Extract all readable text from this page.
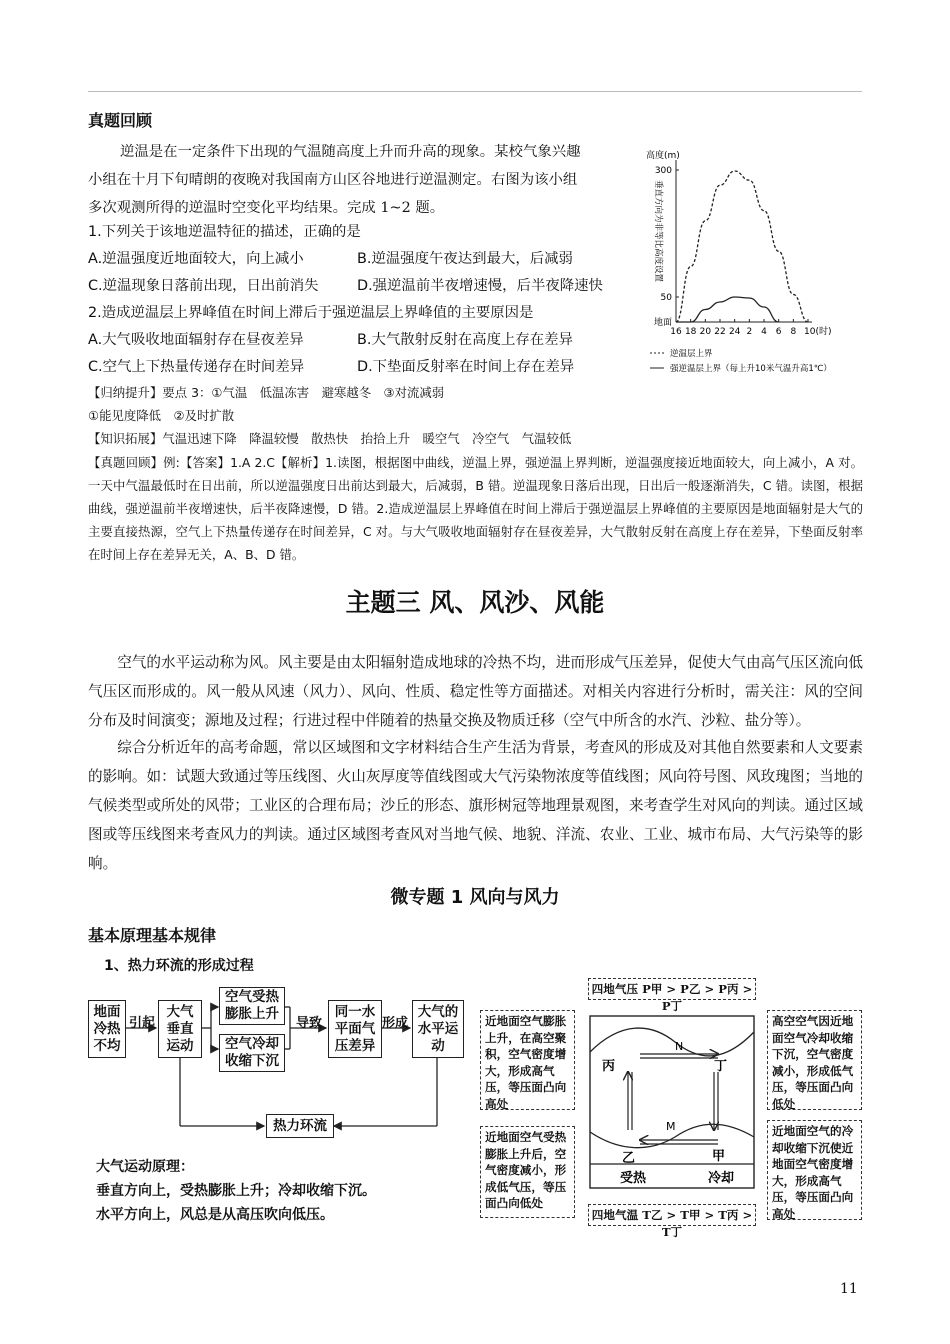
真题回顾
逆温是在一定条件下出现的气温随高度上升而升高的现象。某校气象兴趣
小组在十月下旬晴朗的夜晚对我国南方山区谷地进行逆温测定。右图为该小组
多次观测所得的逆温时空变化平均结果。完成 1~2 题。
1.下列关于该地逆温特征的描述，正确的是
A.逆温强度近地面较大，向上减小	B.逆温强度午夜达到最大，后减弱
C.逆温现象日落前出现，日出前消失	D.强逆温前半夜增速慢，后半夜降速快
2.造成逆温层上界峰值在时间上滞后于强逆温层上界峰值的主要原因是
A.大气吸收地面辐射存在昼夜差异	B.大气散射反射在高度上存在差异
C.空气上下热量传递存在时间差异	D.下垫面反射率在时间上存在差异
高度(m)
垂直方向为非等比高度设置
300
50
地面
16 18 20 22 24 2 4 6 8 10(时)
逆温层上界
强逆温层上界（每上升10米气温升高1℃）
【归纳提升】要点 3：①气温　低温冻害　避寒越冬　③对流减弱
①能见度降低　②及时扩散
【知识拓展】气温迅速下降　降温较慢　散热快　抬拾上升　暖空气　冷空气　气温较低
【真题回顾】例:【答案】1.A 2.C【解析】1.读图，根据图中曲线，逆温上界，强逆温上界判断，逆温强度接近地面较大，向上减小，A 对。一天中气温最低时在日出前，所以逆温强度日出前达到最大，后减弱，B 错。逆温现象日落后出现，日出后一般逐渐消失，C 错。读图，根据曲线，强逆温前半夜增速快，后半夜降速慢，D 错。2.造成逆温层上界峰值在时间上滞后于强逆温层上界峰值的主要原因是地面辐射是大气的主要直接热源，空气上下热量传递存在时间差异，C 对。与大气吸收地面辐射存在昼夜差异，大气散射反射在高度上存在差异，下垫面反射率在时间上存在差异无关，A、B、D 错。
主题三 风、风沙、风能
空气的水平运动称为风。风主要是由太阳辐射造成地球的冷热不均，进而形成气压差异，促使大气由高气压区流向低气压区而形成的。风一般从风速（风力）、风向、性质、稳定性等方面描述。对相关内容进行分析时，需关注：风的空间分布及时间演变；源地及过程；行进过程中伴随着的热量交换及物质迁移（空气中所含的水汽、沙粒、盐分等）。
综合分析近年的高考命题，常以区域图和文字材料结合生产生活为背景，考查风的形成及对其他自然要素和人文要素的影响。如：试题大致通过等压线图、火山灰厚度等值线图或大气污染物浓度等值线图；风向符号图、风玫瑰图；当地的气候类型或所处的风带；工业区的合理布局；沙丘的形态、旗形树冠等地理景观图，来考查学生对风向的判读。通过区域图或等压线图来考查风力的判读。通过区域图考查风对当地气候、地貌、洋流、农业、工业、城市布局、大气污染等的影响。
微专题 1 风向与风力
基本原理基本规律
1、热力环流的形成过程
地面
冷热
不均
引起
大气
垂直
运动
空气受热
膨胀上升
空气冷却
收缩下沉
导致
同一水
平面气
压差异
形成
大气的
水平运
动
热力环流
大气运动原理：
垂直方向上，受热膨胀上升；冷却收缩下沉。
水平方向上，风总是从高压吹向低压。
四地气压 P甲 > P乙 > P丙 > P丁
近地面空气膨胀上升，在高空聚积，空气密度增大，形成高气压，等压面凸向高处
近地面空气受热膨胀上升后，空气密度减小，形成低气压，等压面凸向低处
高空空气因近地面空气冷却收缩下沉，空气密度减小，形成低气压，等压面凸向低处
近地面空气的冷却收缩下沉使近地面空气密度增大，形成高气压，等压面凸向高处
丙	丁
N
M
乙	甲
受热	冷却
四地气温 T乙 > T甲 > T丙 > T丁
11
